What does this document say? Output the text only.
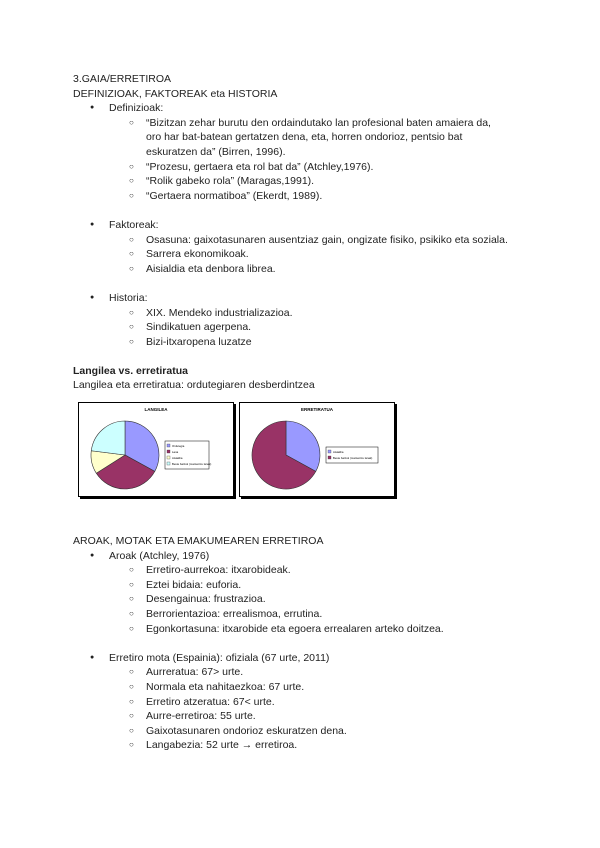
3.GAIA/ERRETIROA
DEFINIZIOAK, FAKTOREAK eta HISTORIA
● Definizioak:
○ “Bizitzan zehar burutu den ordaindutako lan profesional baten amaiera da,
oro har bat-batean gertatzen dena, eta, horren ondorioz, pentsio bat
eskuratzen da” (Birren, 1996).
○ “Prozesu, gertaera eta rol bat da” (Atchley,1976).
○ “Rolik gabeko rola” (Maragas,1991).
○ “Gertaera normatiboa” (Ekerdt, 1989).
● Faktoreak:
○ Osasuna: gaixotasunaren ausentziaz gain, ongizate fisiko, psikiko eta soziala.
○ Sarrera ekonomikoak.
○ Aisialdia eta denbora librea.
● Historia:
○ XIX. Mendeko industrializazioa.
○ Sindikatuen agerpena.
○ Bizi-itxaropena luzatze
Langilea vs. erretiratua
Langilea eta erretiratua: ordutegiaren desberdintzea
LANGILEA
Ordutegia
Lana
Aisialdia
Beste batzuk (mantentze lanak)
ERRETIRATUA
Aisialdia
Beste batzuk (mantentze lanak)
AROAK, MOTAK ETA EMAKUMEAREN ERRETIROA
● Aroak (Atchley, 1976)
○ Erretiro-aurrekoa: itxarobideak.
○ Eztei bidaia: euforia.
○ Desengainua: frustrazioa.
○ Berrorientazioa: errealismoa, errutina.
○ Egonkortasuna: itxarobide eta egoera errealaren arteko doitzea.
● Erretiro mota (Espainia): ofiziala (67 urte, 2011)
○ Aurreratua: 67> urte.
○ Normala eta nahitaezkoa: 67 urte.
○ Erretiro atzeratua: 67< urte.
○ Aurre-erretiroa: 55 urte.
○ Gaixotasunaren ondorioz eskuratzen dena.
○ Langabezia: 52 urte → erretiroa.
